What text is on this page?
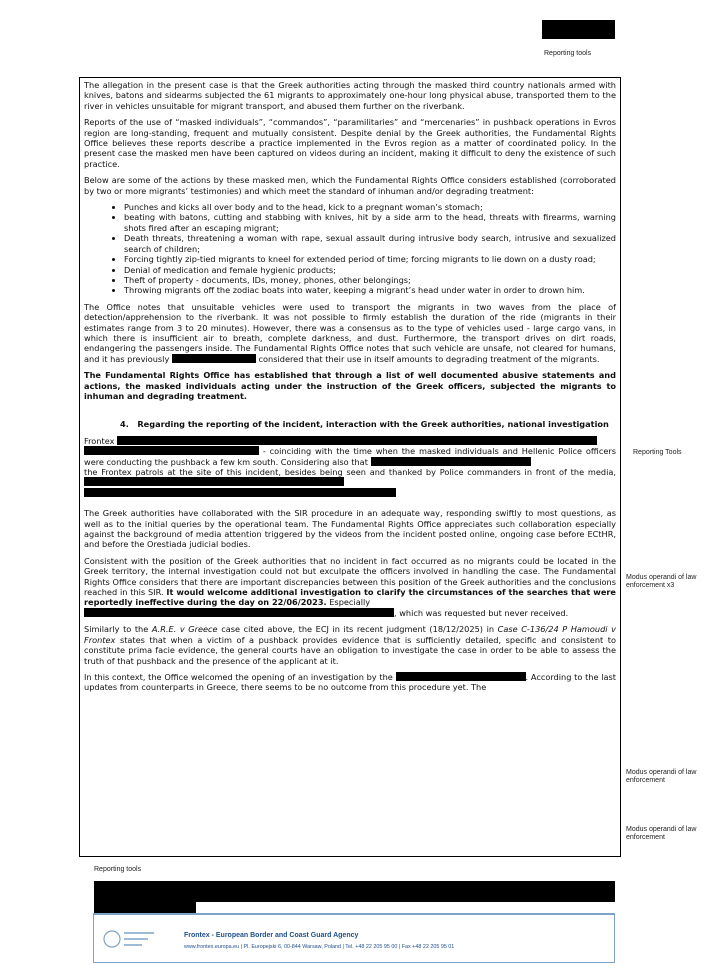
Reporting tools

The allegation in the present case is that the Greek authorities acting through the masked third country nationals armed with knives, batons and sidearms subjected the 61 migrants to approximately one-hour long physical abuse, transported them to the river in vehicles unsuitable for migrant transport, and abused them further on the riverbank.

Reports of the use of “masked individuals”, “commandos”, “paramilitaries” and “mercenaries” in pushback operations in Evros region are long-standing, frequent and mutually consistent. Despite denial by the Greek authorities, the Fundamental Rights Office believes these reports describe a practice implemented in the Evros region as a matter of coordinated policy. In the present case the masked men have been captured on videos during an incident, making it difficult to deny the existence of such practice.

Below are some of the actions by these masked men, which the Fundamental Rights Office considers established (corroborated by two or more migrants’ testimonies) and which meet the standard of inhuman and/or degrading treatment:

• Punches and kicks all over body and to the head, kick to a pregnant woman’s stomach;
• beating with batons, cutting and stabbing with knives, hit by a side arm to the head, threats with firearms, warning shots fired after an escaping migrant;
• Death threats, threatening a woman with rape, sexual assault during intrusive body search, intrusive and sexualized search of children;
• Forcing tightly zip-tied migrants to kneel for extended period of time; forcing migrants to lie down on a dusty road;
• Denial of medication and female hygienic products;
• Theft of property - documents, IDs, money, phones, other belongings;
• Throwing migrants off the zodiac boats into water, keeping a migrant’s head under water in order to drown him.

The Office notes that unsuitable vehicles were used to transport the migrants in two waves from the place of detection/apprehension to the riverbank. It was not possible to firmly establish the duration of the ride (migrants in their estimates range from 3 to 20 minutes). However, there was a consensus as to the type of vehicles used - large cargo vans, in which there is insufficient air to breath, complete darkness, and dust. Furthermore, the transport drives on dirt roads, endangering the passengers inside. The Fundamental Rights Office notes that such vehicle are unsafe, not cleared for humans, and it has previously	considered that their use in itself amounts to degrading treatment of the migrants.

The Fundamental Rights Office has established that through a list of well documented abusive statements and actions, the masked individuals acting under the instruction of the Greek officers, subjected the migrants to inhuman and degrading treatment.

4. Regarding the reporting of the incident, interaction with the Greek authorities, national investigation

Frontex
- coinciding with the time when the masked individuals and Hellenic Police officers were conducting the pushback a few km south. Considering also that
the Frontex patrols at the site of this incident, besides being seen and thanked by Police commanders in front of the media,

The Greek authorities have collaborated with the SIR procedure in an adequate way, responding swiftly to most questions, as well as to the initial queries by the operational team. The Fundamental Rights Office appreciates such collaboration especially against the background of media attention triggered by the videos from the incident posted online, ongoing case before ECtHR, and before the Orestiada judicial bodies.

Consistent with the position of the Greek authorities that no incident in fact occurred as no migrants could be located in the Greek territory, the internal investigation could not but exculpate the officers involved in handling the case. The Fundamental Rights Office considers that there are important discrepancies between this position of the Greek authorities and the conclusions reached in this SIR. It would welcome additional investigation to clarify the circumstances of the searches that were reportedly ineffective during the day on 22/06/2023. Especially
, which was requested but never received.

Similarly to the A.R.E. v Greece case cited above, the ECJ in its recent judgment (18/12/2025) in Case C-136/24 P Hamoudi v Frontex states that when a victim of a pushback provides evidence that is sufficiently detailed, specific and consistent to constitute prima facie evidence, the general courts have an obligation to investigate the case in order to be able to assess the truth of that pushback and the presence of the applicant at it.

In this context, the Office welcomed the opening of an investigation by the	. According to the last updates from counterparts in Greece, there seems to be no outcome from this procedure yet. The

Reporting Tools
Modus operandi of law enforcement x3
Modus operandi of law enforcement
Modus operandi of law enforcement
Reporting tools
Frontex - European Border and Coast Guard Agency
www.frontex.europa.eu | Pl. Europejski 6, 00-844 Warsaw, Poland | Tel. +48 22 205 95 00 | Fax +48 22 205 95 01
